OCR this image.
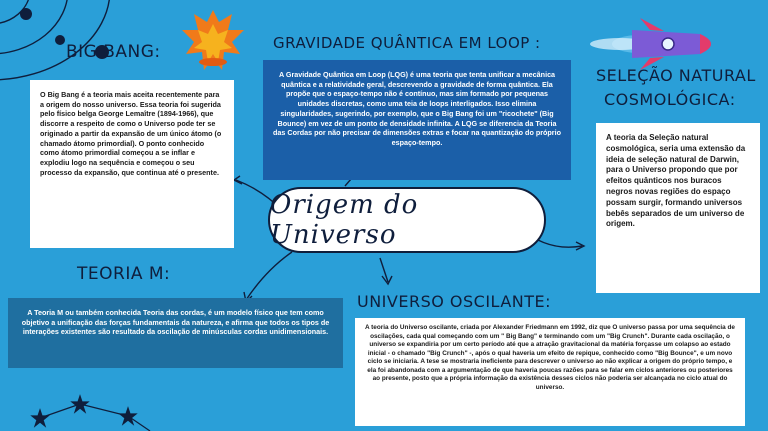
BIG BANG:	GRAVIDADE QUÂNTICA EM LOOP :
SELEÇÃO NATURAL
COSMOLÓGICA:
TEORIA M:
UNIVERSO OSCILANTE:
O Big Bang é a teoria mais aceita recentemente para a origem do nosso universo. Essa teoria foi sugerida pelo físico belga George Lemaître (1894-1966), que discorre a respeito de como o Universo pode ter se originado a partir da expansão de um único átomo (o chamado átomo primordial). O ponto conhecido como átomo primordial começou a se inflar e explodiu logo na sequência e começou o seu processo da expansão, que continua até o presente.
A Gravidade Quântica em Loop (LQG) é uma teoria que tenta unificar a mecânica quântica e a relatividade geral, descrevendo a gravidade de forma quântica. Ela propõe que o espaço-tempo não é contínuo, mas sim formado por pequenas unidades discretas, como uma teia de loops interligados. Isso elimina singularidades, sugerindo, por exemplo, que o Big Bang foi um "ricochete" (Big Bounce) em vez de um ponto de densidade infinita. A LQG se diferencia da Teoria das Cordas por não precisar de dimensões extras e focar na quantização do próprio espaço-tempo.
A teoria da Seleção natural cosmológica, seria uma extensão da ideia de seleção natural de Darwin, para o Universo propondo que por efeitos quânticos nos buracos negros novas regiões do espaço possam surgir, formando universos bebês separados de um universo de origem.
A Teoria M ou também conhecida Teoria das cordas, é um modelo físico que tem como objetivo a unificação das forças fundamentais da natureza, e afirma que todos os tipos de interações existentes são resultado da oscilação de minúsculas cordas unidimensionais.	A teoria do Universo oscilante, criada por Alexander Friedmann em 1992, diz que O universo passa por uma sequência de oscilações, cada qual começando com um " Big Bang" e terminando com um "Big Crunch". Durante cada oscilação, o universo se expandiria por um certo período até que a atração gravitacional da matéria forçasse um colapso ao estado inicial - o chamado "Big Crunch" -, após o qual haveria um efeito de repique, conhecido como "Big Bounce", e um novo ciclo se iniciaria. A tese se mostraria ineficiente para descrever o universo ao não explicar a origem do próprio tempo, e ela foi abandonada com a argumentação de que haveria poucas razões para se falar em ciclos anteriores ou posteriores ao presente, posto que a própria informação da existência desses ciclos não poderia ser alcançada no ciclo atual do universo.
Origem do Universo
